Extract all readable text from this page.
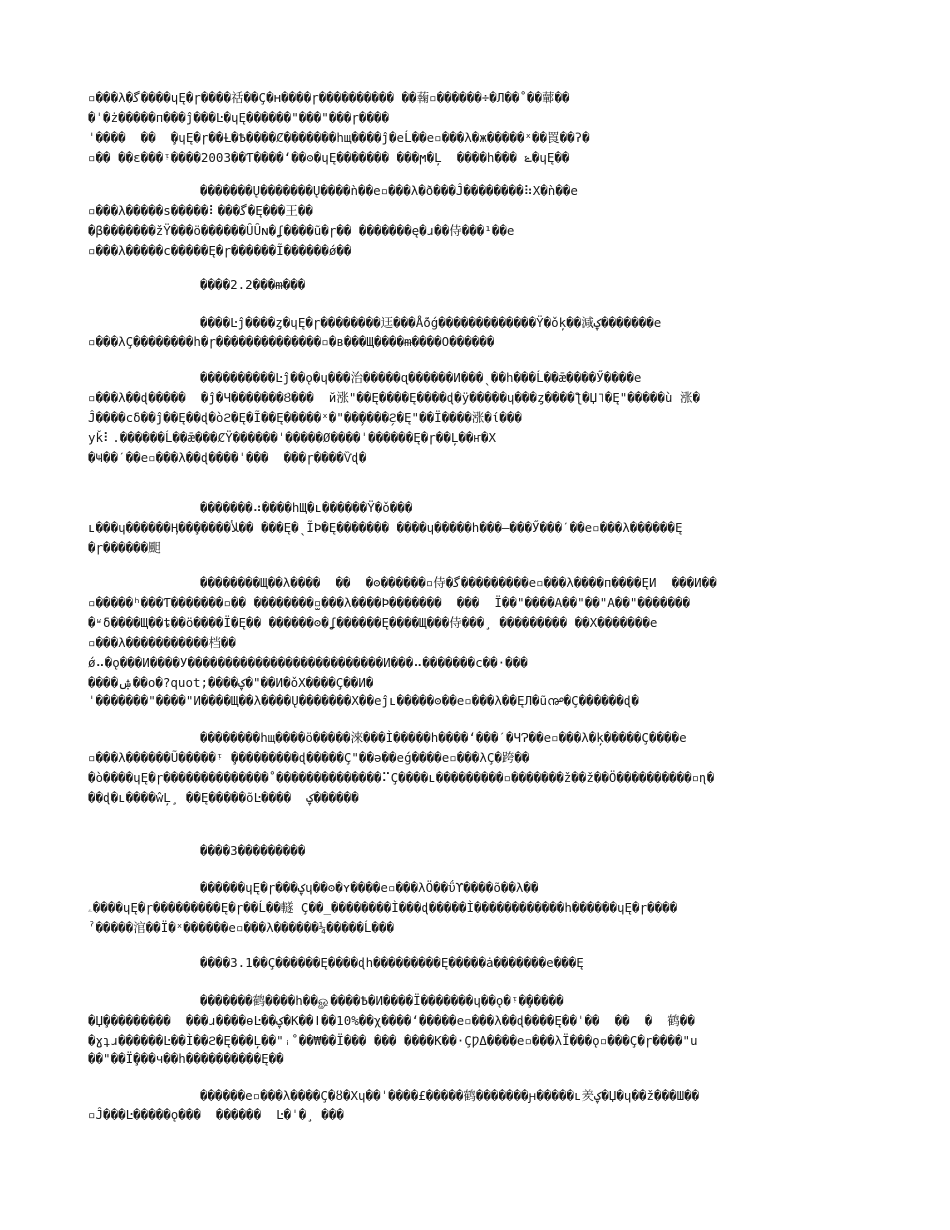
▫���λ�ﮔ����ɥĘ�ɼ����䄆��Ç�ʜ����ɼ���������� ��䕮▫������÷�Л��˚��䕤��
�ˈ�ż�����п���ĵ���Ŀ�ɥĘ������"���"���ɼ����
ˈ����  ��  ̧�ɥĘ�ɼ��Ƚ�Ѣ����Ȼ�������hщ����ĵ�eĹ��e▫���λ�ж�����ˣ��䍚��ʔ�
▫�� ��ɛ���ᵎ����2003��Ƭ����ʻ��ʘ�ɥĘ������� ���ϻ�Ļ  ����h��� ݺ�ɥĘ��
�������Ų�������Ų����ǹ��e▫���λ�ð���Ĵ��������⠷Χ�ǹ��e
▫���λ�����s�����⠇���ﮔ�Ę���王��
�β�������žŸ���ö������ȖȖɴ�ʆ����ũ�ɼ�� �������ę�ɹ��侍���¹��e
▫���λ�����c�����Ę�ɼ������Ĩ������ǿ��
����2.2���ᵯ���
����Ŀĵ����ȥ�ɥĘ�ɼ��������迋���Ǻõǵ�������������Ÿ�ǒķ��減ؼ�������e
▫���λÇ��������h�ɼ��������������▫�в���Щ����ᵯ����Ο������
����������Ŀĵ��ǫ�ɥ���治�����ɋ������И���ˎ��h���Ĺ��ǣ����Ӳ����e
▫���λ��ɖ�����  �ĵ�Ч�������Ȣ���  й涨"��Ę����Ę����ɖ�ÿ�����ɥ���ȥ����ƪ�Џ˥�Ę"�����ù 涨�
Ĵ����cδ��ĵ��Ę��ɖ�òϩ�Ę�Ĩ��Ę�����ˣ�"��̗����̗ϩ�Ę"��Ϊ����涨�ί���
уǩ⠇.������Ĺ��ǣ���ȻŸ������ˈ�����Ø����ˈ������Ę�ɼ��Ļ��ҥ�Χ
�Ҹ��ˊ��e▫���λ��ɖ����ˈ���  ���ɼ����Ѷɖ�
�������⠴����hЩ�ʟ������Ÿ�ǒ���
ʟ���ɥ������Ӊ��̧�����ﻸ�� ���Ę�ˎĨÞ�Ę������� ����ɥ�����h���—���Ӳ���ˊ��e▫���λ������Ę
�ɼ������䫻
��������Щ��λ����  ��  �ʘ������▫侍�ﮔ���������e▫���λ����п����ĘИ  ���И��
▫�����ʰ���Ƭ�������▫�� ��������̫▫���λ����Þ�������  ���  Ï��"����А��"��"А��"�������
�ʶδ����Щ��ȶ��ö����Ϊ�Ę�� ������ʘ�ʆ������Ę����Щ���侍���̧  ��������� ��Χ�������e
▫���λ�����������档��
ǿ⠤�ǫ���И����У��������������������������И���⠤�������c��·���
����ۺ��o�?quot;����ؼ�"��И�ǒX����Ç��И�
ˈ�������"����"И����Щ��λ����Ų�������Χ��eĵʟ�����ʘ��e▫���λ��ĘЛ�ũ൲�Ç������ɖ�
��������hщ����ö�����淶���Ì�����h����ʻ���ˊ�ЧɁ��e▫���λ�ķ�����Ç����e
▫���λ������Ũ�����ᵎ ̧���������ɖ�����Ç"��ə��eǵ����e▫���λÇ�跨��
�ò����ɥĘ�ɼ��������������˚��������������⠍Ç����ʟ���������▫�������ž��ž��Ö����������▫ɳ�
��ɖ�ʟ����ŵĻ̧  ��Ę�����õĿ����  ؼ������
����3���������
������ɥĘ�ɼ���ؼɥ��ʘ�ʏ����e▫���λÖ��ΰϒ����õ��λ��
ۦ����ɥĘ�ɼ���������Ę�ɼ��Ĺ��䡵 Ç��_��������Ì���ɖ�����Ì������������h������ɥĘ�ɼ����
ˀ�����涫��Ϊ�ˣ������e▫���λ������¼�����Ĺ���
����3.1��Ç������Ę����ɖh���������Ę�����ȧ�������e���Ę
�������鹤����h��ௐ����Ѣ�И����Ï�������ɥ��ǫ�ᵎ�̧�����
�Џ̧���������  ���ɹ����ɵĿ��ؼ�K��ǀ��10%��χ����ʻ�����e▫���λ��ɖ����Ę��ˈ��  ��  �  鹤��
�ɣʇɹ������Ŀ��Ì��ϩ�Ę���Ļ��"ꜟ˚��₩��Ï��� ��� ����К��·ÇǷΔ����e▫���λÏ���ǫ▫���Ç�ɼ����"u
��"��Ϊ̧���ч��h����������Ę��
������e▫���λ����Ç�ȣ�Χɥ��ˈ����£�����鹤�������ԩ�����ʟ羑ؼ�Џ�ɥ��ž���Ш��
▫Ĵ���Ŀ�����ǫ���  ������  Ŀ�ˈ�̧  ���
